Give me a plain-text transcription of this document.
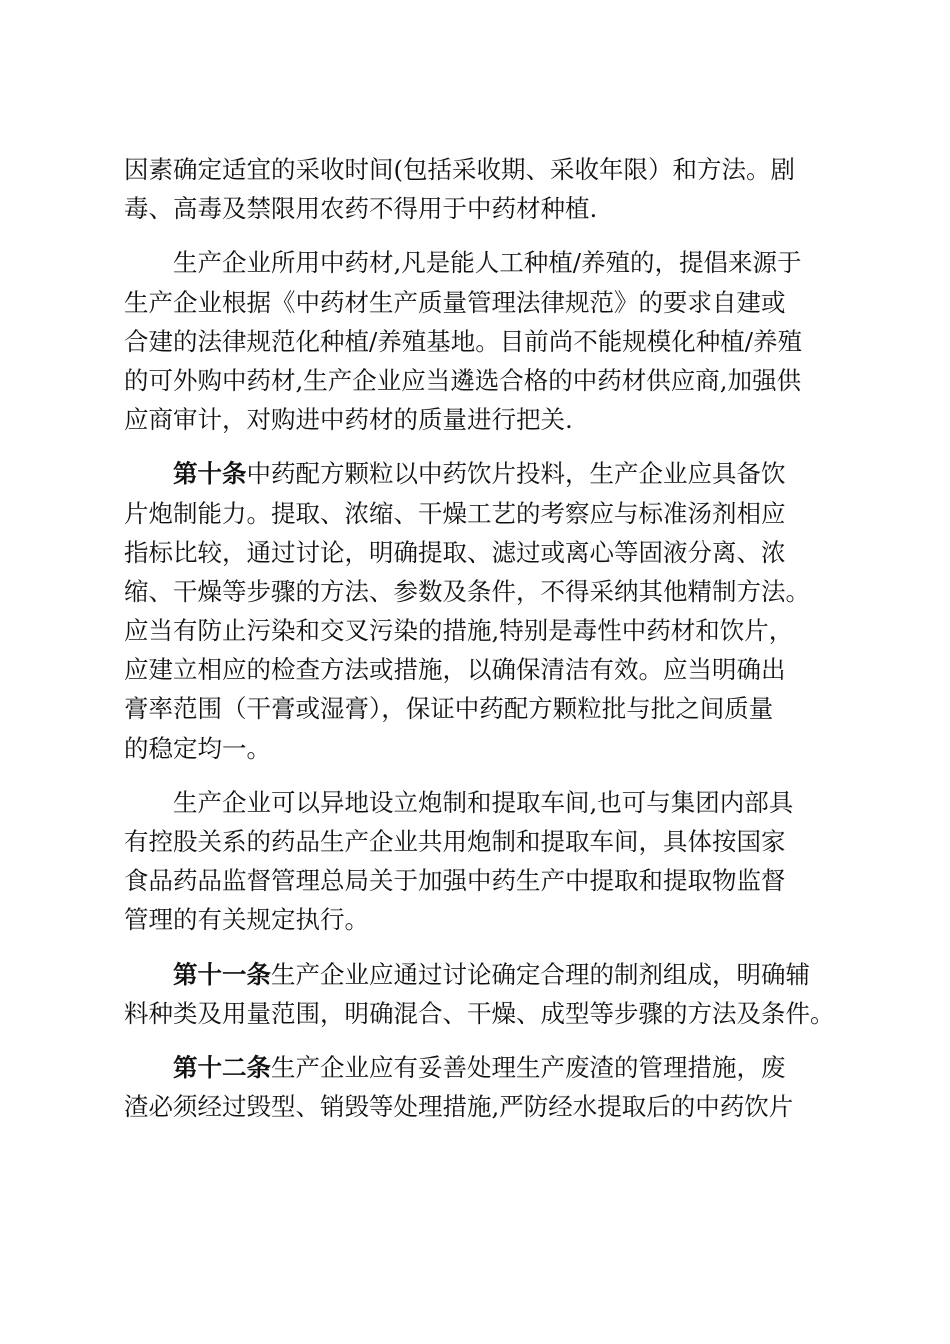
因素确定适宜的采收时间(包括采收期、采收年限）和方法。剧
毒、高毒及禁限用农药不得用于中药材种植.
生产企业所用中药材,凡是能人工种植/养殖的，提倡来源于
生产企业根据《中药材生产质量管理法律规范》的要求自建或
合建的法律规范化种植/养殖基地。目前尚不能规模化种植/养殖
的可外购中药材,生产企业应当遴选合格的中药材供应商,加强供
应商审计，对购进中药材的质量进行把关.
第十条中药配方颗粒以中药饮片投料，生产企业应具备饮
片炮制能力。提取、浓缩、干燥工艺的考察应与标准汤剂相应
指标比较，通过讨论，明确提取、滤过或离心等固液分离、浓
缩、干燥等步骤的方法、参数及条件，不得采纳其他精制方法。
应当有防止污染和交叉污染的措施,特别是毒性中药材和饮片，
应建立相应的检查方法或措施，以确保清洁有效。应当明确出
膏率范围（干膏或湿膏），保证中药配方颗粒批与批之间质量
的稳定均一。
生产企业可以异地设立炮制和提取车间,也可与集团内部具
有控股关系的药品生产企业共用炮制和提取车间，具体按国家
食品药品监督管理总局关于加强中药生产中提取和提取物监督
管理的有关规定执行。
第十一条生产企业应通过讨论确定合理的制剂组成，明确辅
料种类及用量范围，明确混合、干燥、成型等步骤的方法及条件。
第十二条生产企业应有妥善处理生产废渣的管理措施，废
渣必须经过毁型、销毁等处理措施,严防经水提取后的中药饮片
